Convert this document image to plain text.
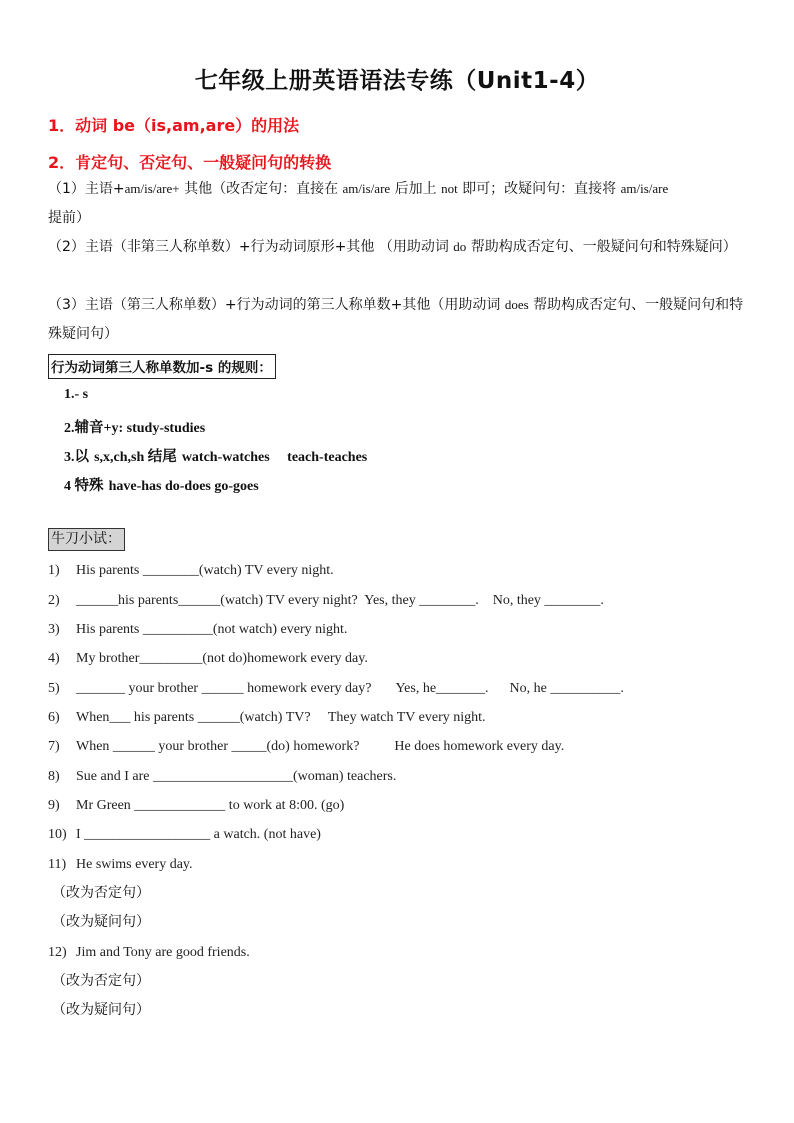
七年级上册英语语法专练（Unit1-4）
1．动词 be（is,am,are）的用法
2．肯定句、否定句、一般疑问句的转换
（1）主语+am/is/are+ 其他（改否定句：直接在 am/is/are 后加上 not 即可；改疑问句：直接将 am/is/are
提前）
（2）主语（非第三人称单数）+行为动词原形+其他 （用助动词 do 帮助构成否定句、一般疑问句和特殊疑问）
（3）主语（第三人称单数）+行为动词的第三人称单数+其他（用助动词 does 帮助构成否定句、一般疑问句和特殊疑问句）
行为动词第三人称单数加-s 的规则：
1.- s
2.辅音+y: study-studies
3.以 s,x,ch,sh 结尾 watch-watches     teach-teaches
4 特殊 have-has do-does go-goes
牛刀小试：
1) His parents ________(watch) TV every night.
2) ______his parents______(watch) TV every night?  Yes, they ________.    No, they ________.
3) His parents __________(not watch) every night.
4) My brother_________(not do)homework every day.
5) _______ your brother ______ homework every day?       Yes, he_______.      No, he __________.
6) When___ his parents ______(watch) TV?     They watch TV every night.
7) When ______ your brother _____(do) homework?          He does homework every day.
8) Sue and I are ____________________(woman) teachers.
9) Mr Green _____________ to work at 8:00. (go)
10) I __________________ a watch. (not have)
11) He swims every day.
（改为否定句）
（改为疑问句）
12) Jim and Tony are good friends.
（改为否定句）
（改为疑问句）
